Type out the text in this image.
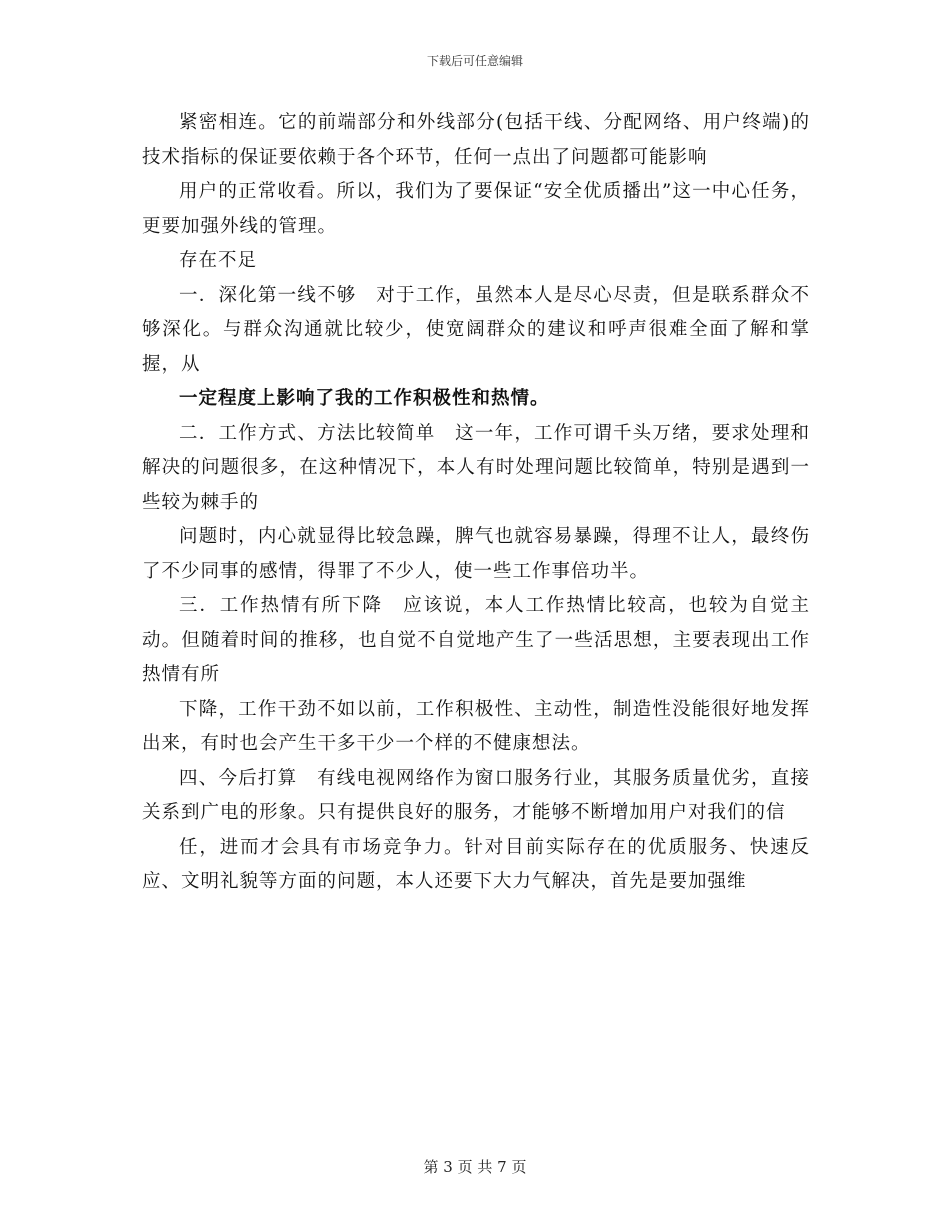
下载后可任意编辑

紧密相连。它的前端部分和外线部分(包括干线、分配网络、用户终端)的技术指标的保证要依赖于各个环节，任何一点出了问题都可能影响

用户的正常收看。所以，我们为了要保证“安全优质播出”这一中心任务，更要加强外线的管理。

存在不足

一．深化第一线不够　对于工作，虽然本人是尽心尽责，但是联系群众不够深化。与群众沟通就比较少，使宽阔群众的建议和呼声很难全面了解和掌握，从

一定程度上影响了我的工作积极性和热情。

二．工作方式、方法比较简单　这一年，工作可谓千头万绪，要求处理和解决的问题很多，在这种情况下，本人有时处理问题比较简单，特别是遇到一些较为棘手的

问题时，内心就显得比较急躁，脾气也就容易暴躁，得理不让人，最终伤了不少同事的感情，得罪了不少人，使一些工作事倍功半。

三．工作热情有所下降　应该说，本人工作热情比较高，也较为自觉主动。但随着时间的推移，也自觉不自觉地产生了一些活思想，主要表现出工作热情有所

下降，工作干劲不如以前，工作积极性、主动性，制造性没能很好地发挥出来，有时也会产生干多干少一个样的不健康想法。

四、今后打算　有线电视网络作为窗口服务行业，其服务质量优劣，直接关系到广电的形象。只有提供良好的服务，才能够不断增加用户对我们的信

任，进而才会具有市场竞争力。针对目前实际存在的优质服务、快速反应、文明礼貌等方面的问题，本人还要下大力气解决，首先是要加强维

第 3 页 共 7 页
